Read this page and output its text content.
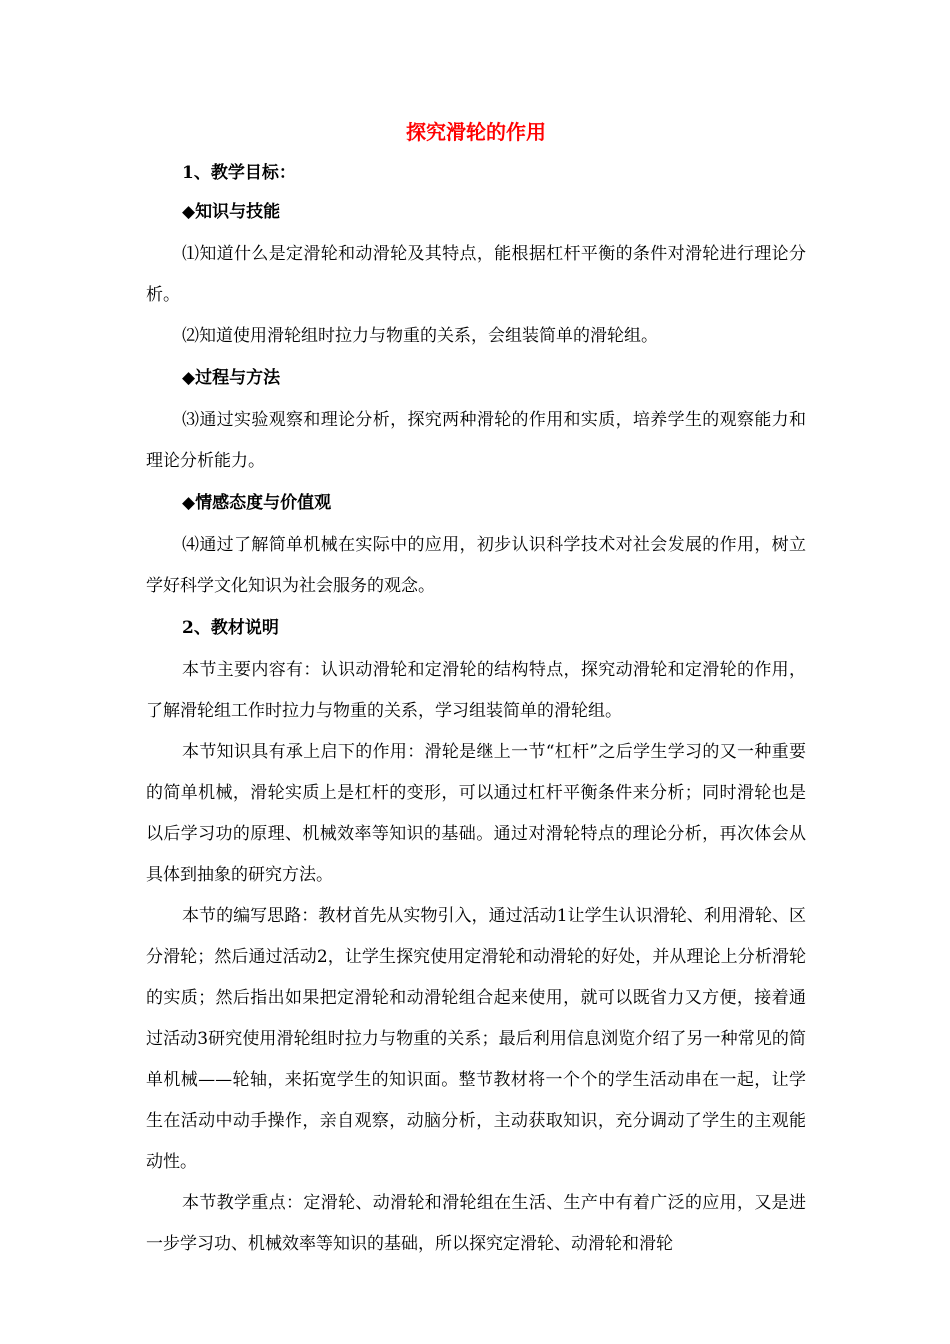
探究滑轮的作用
1、教学目标：
◆知识与技能
⑴知道什么是定滑轮和动滑轮及其特点，能根据杠杆平衡的条件对滑轮进行理论分析。
⑵知道使用滑轮组时拉力与物重的关系，会组装简单的滑轮组。
◆过程与方法
⑶通过实验观察和理论分析，探究两种滑轮的作用和实质，培养学生的观察能力和理论分析能力。
◆情感态度与价值观
⑷通过了解简单机械在实际中的应用，初步认识科学技术对社会发展的作用，树立学好科学文化知识为社会服务的观念。
2、教材说明
本节主要内容有：认识动滑轮和定滑轮的结构特点，探究动滑轮和定滑轮的作用，了解滑轮组工作时拉力与物重的关系，学习组装简单的滑轮组。
本节知识具有承上启下的作用：滑轮是继上一节“杠杆”之后学生学习的又一种重要的简单机械，滑轮实质上是杠杆的变形，可以通过杠杆平衡条件来分析；同时滑轮也是以后学习功的原理、机械效率等知识的基础。通过对滑轮特点的理论分析，再次体会从具体到抽象的研究方法。
本节的编写思路：教材首先从实物引入，通过活动1让学生认识滑轮、利用滑轮、区分滑轮；然后通过活动2，让学生探究使用定滑轮和动滑轮的好处，并从理论上分析滑轮的实质；然后指出如果把定滑轮和动滑轮组合起来使用，就可以既省力又方便，接着通过活动3研究使用滑轮组时拉力与物重的关系；最后利用信息浏览介绍了另一种常见的简单机械——轮轴，来拓宽学生的知识面。整节教材将一个个的学生活动串在一起，让学生在活动中动手操作，亲自观察，动脑分析，主动获取知识，充分调动了学生的主观能动性。
本节教学重点：定滑轮、动滑轮和滑轮组在生活、生产中有着广泛的应用，又是进一步学习功、机械效率等知识的基础，所以探究定滑轮、动滑轮和滑轮
